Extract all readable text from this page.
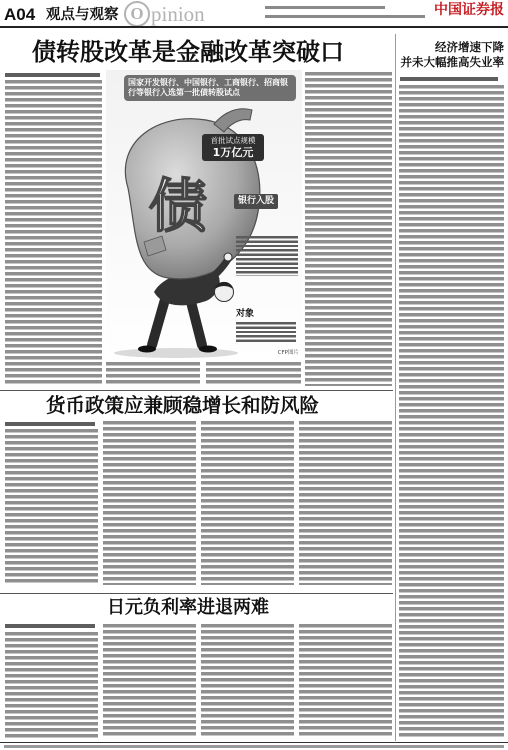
A04 观点与观察 O pinion	中国证券报
债转股改革是金融改革突破口
债
国家开发银行、中国银行、工商银行、招商银行等银行入选第一批债转股试点
首批试点规模
1万亿元
银行入股
对象
CFP图片
经济增速下降
并未大幅推高失业率
货币政策应兼顾稳增长和防风险
日元负利率进退两难
